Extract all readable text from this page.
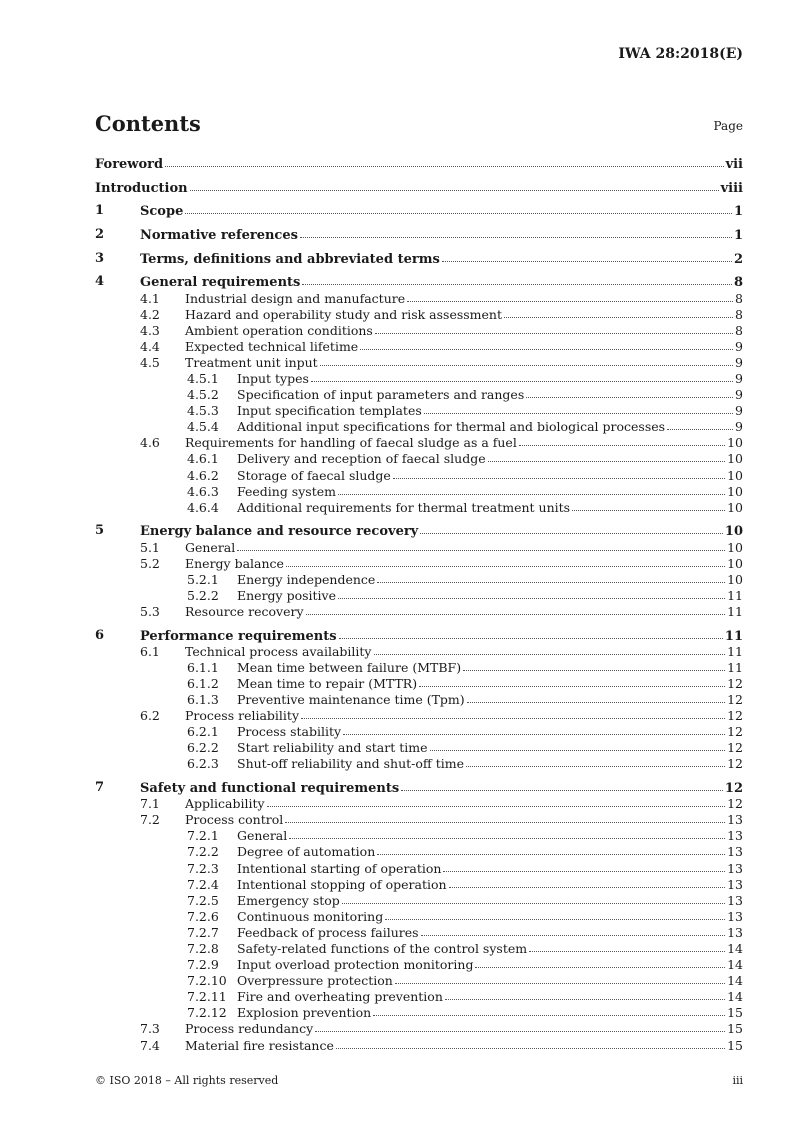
IWA 28:2018(E)
Contents	Page
Foreword	vii
Introduction	viii
1	Scope	1
2	Normative references	1
3	Terms, definitions and abbreviated terms	2
4	General requirements	8
4.1 Industrial design and manufacture	8
4.2 Hazard and operability study and risk assessment	8
4.3 Ambient operation conditions	8
4.4 Expected technical lifetime	9
4.5 Treatment unit input	9
4.5.1 Input types	9
4.5.2 Specification of input parameters and ranges	9
4.5.3 Input specification templates	9
4.5.4 Additional input specifications for thermal and biological processes	9
4.6 Requirements for handling of faecal sludge as a fuel	10
4.6.1 Delivery and reception of faecal sludge	10
4.6.2 Storage of faecal sludge	10
4.6.3 Feeding system	10
4.6.4 Additional requirements for thermal treatment units	10
5	Energy balance and resource recovery	10
5.1 General	10
5.2 Energy balance	10
5.2.1 Energy independence	10
5.2.2 Energy positive	11
5.3 Resource recovery	11
6	Performance requirements	11
6.1 Technical process availability	11
6.1.1 Mean time between failure (MTBF)	11
6.1.2 Mean time to repair (MTTR)	12
6.1.3 Preventive maintenance time (Tpm)	12
6.2 Process reliability	12
6.2.1 Process stability	12
6.2.2 Start reliability and start time	12
6.2.3 Shut-off reliability and shut-off time	12
7	Safety and functional requirements	12
7.1 Applicability	12
7.2 Process control	13
7.2.1 General	13
7.2.2 Degree of automation	13
7.2.3 Intentional starting of operation	13
7.2.4 Intentional stopping of operation	13
7.2.5 Emergency stop	13
7.2.6 Continuous monitoring	13
7.2.7 Feedback of process failures	13
7.2.8 Safety-related functions of the control system	14
7.2.9 Input overload protection monitoring	14
7.2.10 Overpressure protection	14
7.2.11 Fire and overheating prevention	14
7.2.12 Explosion prevention	15
7.3 Process redundancy	15
7.4 Material fire resistance	15
© ISO 2018 – All rights reserved	iii
